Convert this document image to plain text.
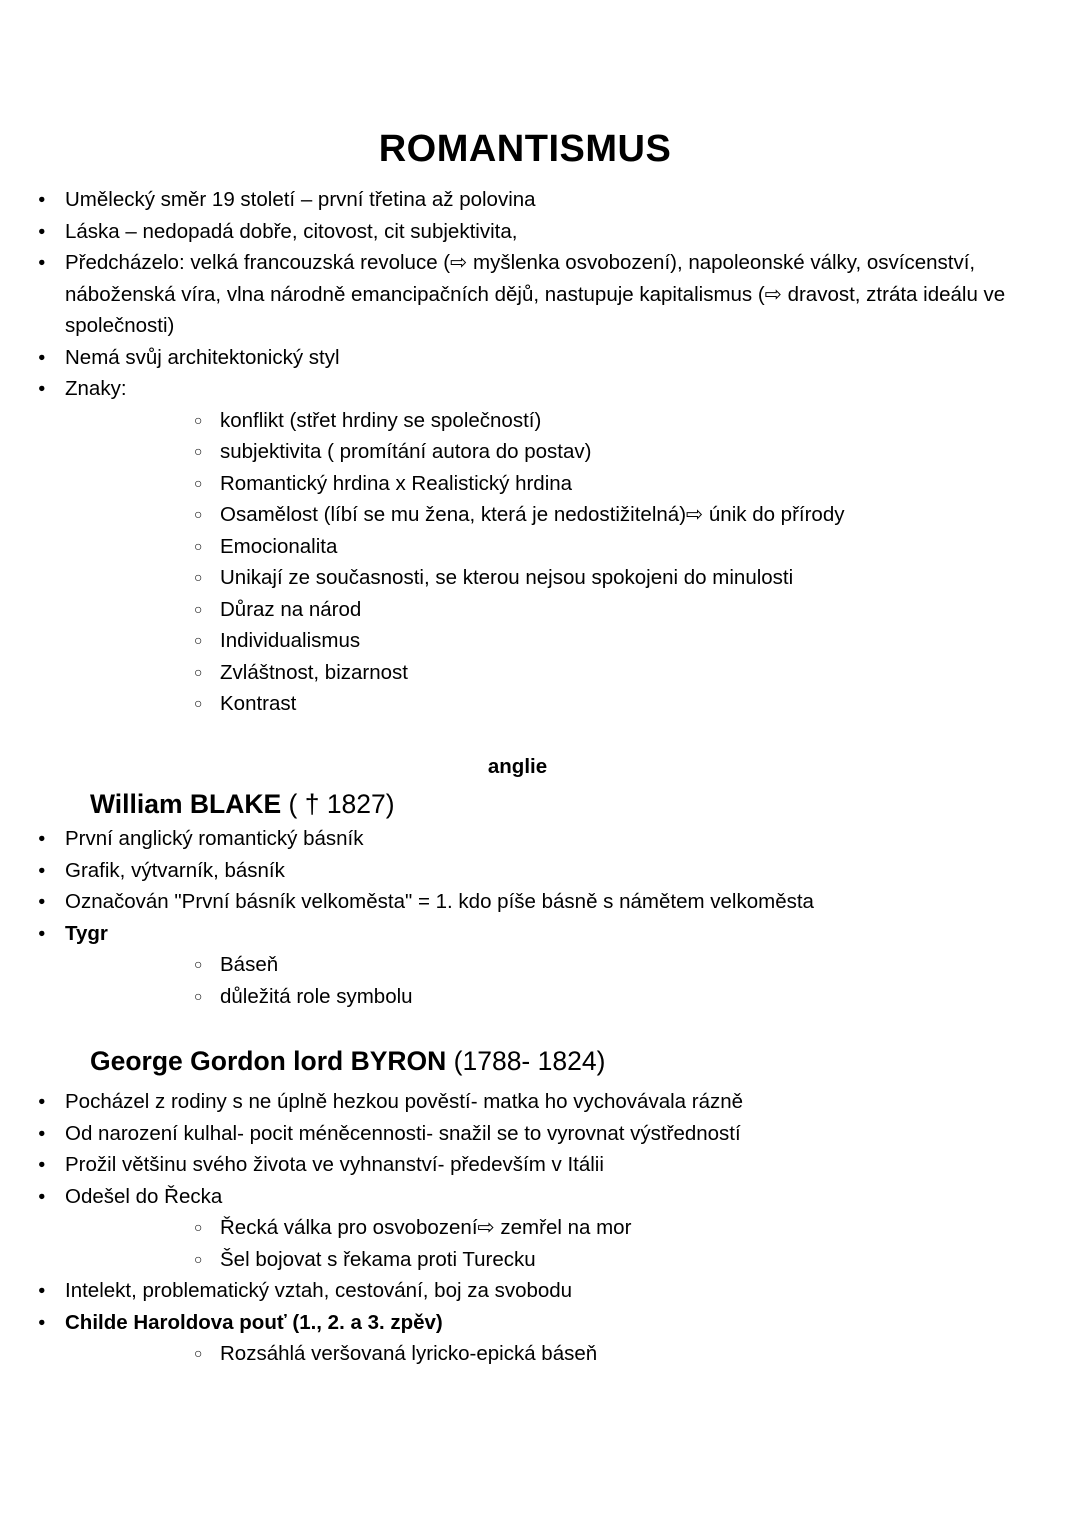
ROMANTISMUS
● Umělecký směr 19 století – první třetina až polovina
● Láska – nedopadá dobře, citovost, cit subjektivita,
● Předcházelo: velká francouzská revoluce (⇨ myšlenka osvobození), napoleonské války, osvícenství, náboženská víra, vlna národně emancipačních dějů, nastupuje kapitalismus (⇨ dravost, ztráta ideálu ve společnosti)
● Nemá svůj architektonický styl
● Znaky:
○ konflikt (střet hrdiny se společností)
○ subjektivita ( promítání autora do postav)
○ Romantický hrdina x Realistický hrdina
○ Osamělost (líbí se mu žena, která je nedostižitelná)⇨ únik do přírody
○ Emocionalita
○ Unikají ze současnosti, se kterou nejsou spokojeni do minulosti
○ Důraz na národ
○ Individualismus
○ Zvláštnost, bizarnost
○ Kontrast
anglie
William BLAKE ( † 1827)
● První anglický romantický básník
● Grafik, výtvarník, básník
● Označován "První básník velkoměsta" = 1. kdo píše básně s námětem velkoměsta
● Tygr
○ Báseň
○ důležitá role symbolu
George Gordon lord BYRON (1788- 1824)
● Pocházel z rodiny s ne úplně hezkou pověstí- matka ho vychovávala rázně
● Od narození kulhal- pocit méněcennosti- snažil se to vyrovnat výstředností
● Prožil většinu svého života ve vyhnanství- především v Itálii
● Odešel do Řecka
○ Řecká válka pro osvobození⇨ zemřel na mor
○ Šel bojovat s řekama proti Turecku
● Intelekt, problematický vztah, cestování, boj za svobodu
● Childe Haroldova pouť (1., 2. a 3. zpěv)
○ Rozsáhlá veršovaná lyricko-epická báseň
